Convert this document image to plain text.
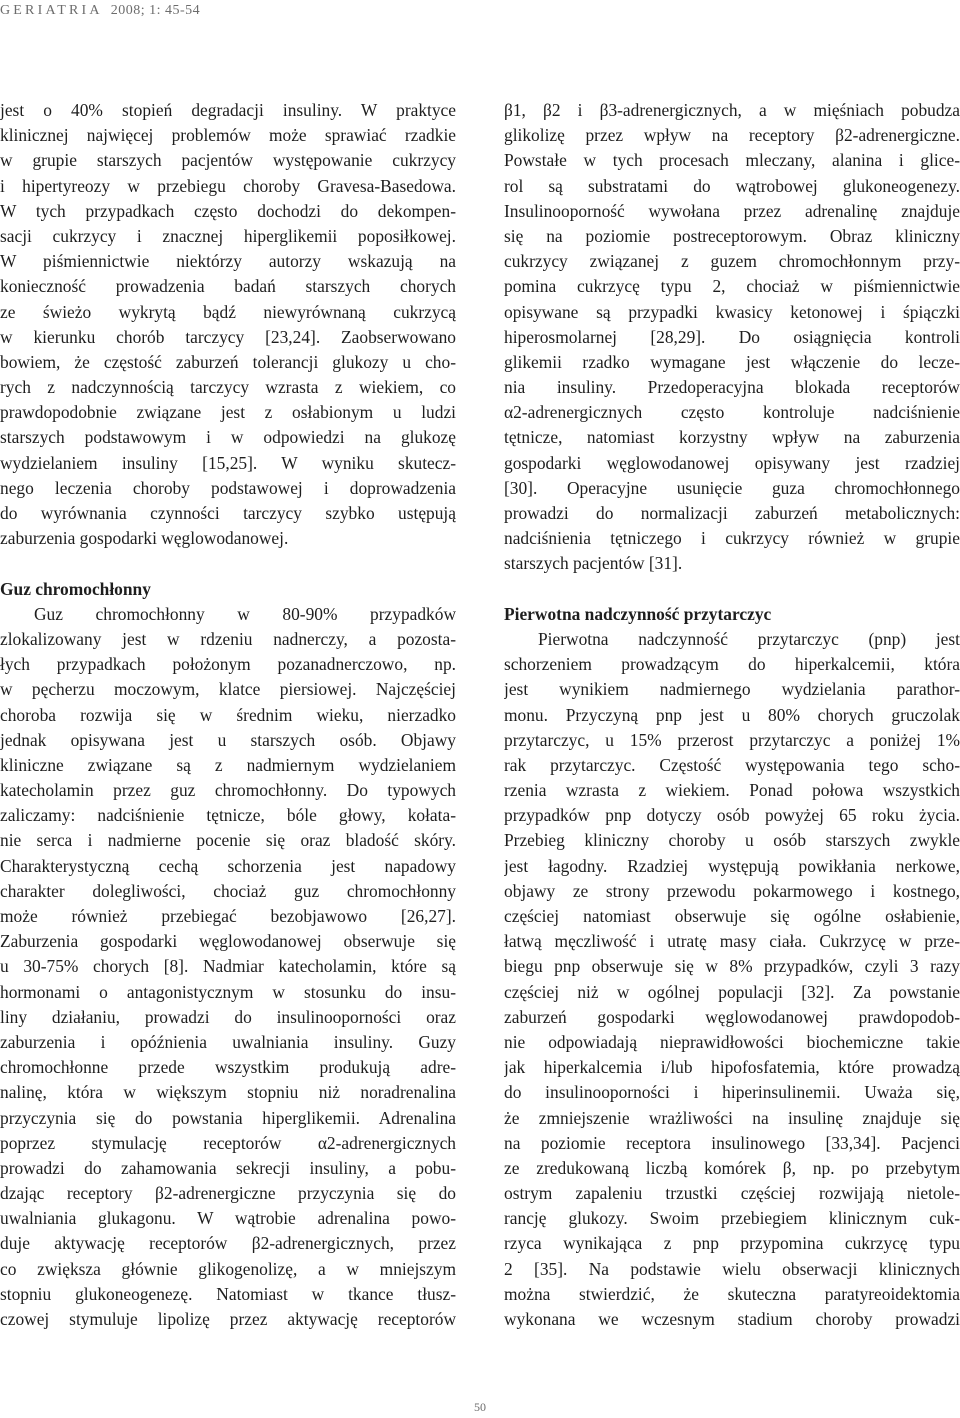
GERIATRIA 2008; 1: 45-54
jest o 40% stopień degradacji insuliny. W praktyce
klinicznej najwięcej problemów może sprawiać rzadkie
w grupie starszych pacjentów występowanie cukrzycy
i hipertyreozy w przebiegu choroby Gravesa-Basedowa.
W tych przypadkach często dochodzi do dekompen-
sacji cukrzycy i znacznej hiperglikemii poposiłkowej.
W piśmiennictwie niektórzy autorzy wskazują na
konieczność prowadzenia badań starszych chorych
ze świeżo wykrytą bądź niewyrównaną cukrzycą
w kierunku chorób tarczycy [23,24]. Zaobserwowano
bowiem, że częstość zaburzeń tolerancji glukozy u cho-
rych z nadczynnością tarczycy wzrasta z wiekiem, co
prawdopodobnie związane jest z osłabionym u ludzi
starszych podstawowym i w odpowiedzi na glukozę
wydzielaniem insuliny [15,25]. W wyniku skutecz-
nego leczenia choroby podstawowej i doprowadzenia
do wyrównania czynności tarczycy szybko ustępują
zaburzenia gospodarki węglowodanowej.
Guz chromochłonny
Guz chromochłonny w 80-90% przypadków
zlokalizowany jest w rdzeniu nadnerczy, a pozosta-
łych przypadkach położonym pozanadnerczowo, np.
w pęcherzu moczowym, klatce piersiowej. Najczęściej
choroba rozwija się w średnim wieku, nierzadko
jednak opisywana jest u starszych osób. Objawy
kliniczne związane są z nadmiernym wydzielaniem
katecholamin przez guz chromochłonny. Do typowych
zaliczamy: nadciśnienie tętnicze, bóle głowy, kołata-
nie serca i nadmierne pocenie się oraz bladość skóry.
Charakterystyczną cechą schorzenia jest napadowy
charakter dolegliwości, chociaż guz chromochłonny
może również przebiegać bezobjawowo [26,27].
Zaburzenia gospodarki węglowodanowej obserwuje się
u 30-75% chorych [8]. Nadmiar katecholamin, które są
hormonami o antagonistycznym w stosunku do insu-
liny działaniu, prowadzi do insulinooporności oraz
zaburzenia i opóźnienia uwalniania insuliny. Guzy
chromochłonne przede wszystkim produkują adre-
nalinę, która w większym stopniu niż noradrenalina
przyczynia się do powstania hiperglikemii. Adrenalina
poprzez stymulację receptorów α2-adrenergicznych
prowadzi do zahamowania sekrecji insuliny, a pobu-
dzając receptory β2-adrenergiczne przyczynia się do
uwalniania glukagonu. W wątrobie adrenalina powo-
duje aktywację receptorów β2-adrenergicznych, przez
co zwiększa głównie glikogenolizę, a w mniejszym
stopniu glukoneogenezę. Natomiast w tkance tłusz-
czowej stymuluje lipolizę przez aktywację receptorów
β1, β2 i β3-adrenergicznych, a w mięśniach pobudza
glikolizę przez wpływ na receptory β2-adrenergiczne.
Powstałe w tych procesach mleczany, alanina i glice-
rol są substratami do wątrobowej glukoneogenezy.
Insulinooporność wywołana przez adrenalinę znajduje
się na poziomie postreceptorowym. Obraz kliniczny
cukrzycy związanej z guzem chromochłonnym przy-
pomina cukrzycę typu 2, chociaż w piśmiennictwie
opisywane są przypadki kwasicy ketonowej i śpiączki
hiperosmolarnej [28,29]. Do osiągnięcia kontroli
glikemii rzadko wymagane jest włączenie do lecze-
nia insuliny. Przedoperacyjna blokada receptorów
α2-adrenergicznych często kontroluje nadciśnienie
tętnicze, natomiast korzystny wpływ na zaburzenia
gospodarki węglowodanowej opisywany jest rzadziej
[30]. Operacyjne usunięcie guza chromochłonnego
prowadzi do normalizacji zaburzeń metabolicznych:
nadciśnienia tętniczego i cukrzycy również w grupie
starszych pacjentów [31].
Pierwotna nadczynność przytarczyc
Pierwotna nadczynność przytarczyc (pnp) jest
schorzeniem prowadzącym do hiperkalcemii, która
jest wynikiem nadmiernego wydzielania parathor-
monu. Przyczyną pnp jest u 80% chorych gruczolak
przytarczyc, u 15% przerost przytarczyc a poniżej 1%
rak przytarczyc. Częstość występowania tego scho-
rzenia wzrasta z wiekiem. Ponad połowa wszystkich
przypadków pnp dotyczy osób powyżej 65 roku życia.
Przebieg kliniczny choroby u osób starszych zwykle
jest łagodny. Rzadziej występują powikłania nerkowe,
objawy ze strony przewodu pokarmowego i kostnego,
częściej natomiast obserwuje się ogólne osłabienie,
łatwą męczliwość i utratę masy ciała. Cukrzycę w prze-
biegu pnp obserwuje się w 8% przypadków, czyli 3 razy
częściej niż w ogólnej populacji [32]. Za powstanie
zaburzeń gospodarki węglowodanowej prawdopodob-
nie odpowiadają nieprawidłowości biochemiczne takie
jak hiperkalcemia i/lub hipofosfatemia, które prowadzą
do insulinooporności i hiperinsulinemii. Uważa się,
że zmniejszenie wrażliwości na insulinę znajduje się
na poziomie receptora insulinowego [33,34]. Pacjenci
ze zredukowaną liczbą komórek β, np. po przebytym
ostrym zapaleniu trzustki częściej rozwijają nietole-
rancję glukozy. Swoim przebiegiem klinicznym cuk-
rzyca wynikająca z pnp przypomina cukrzycę typu
2 [35]. Na podstawie wielu obserwacji klinicznych
można stwierdzić, że skuteczna paratyreoidektomia
wykonana we wczesnym stadium choroby prowadzi
50
